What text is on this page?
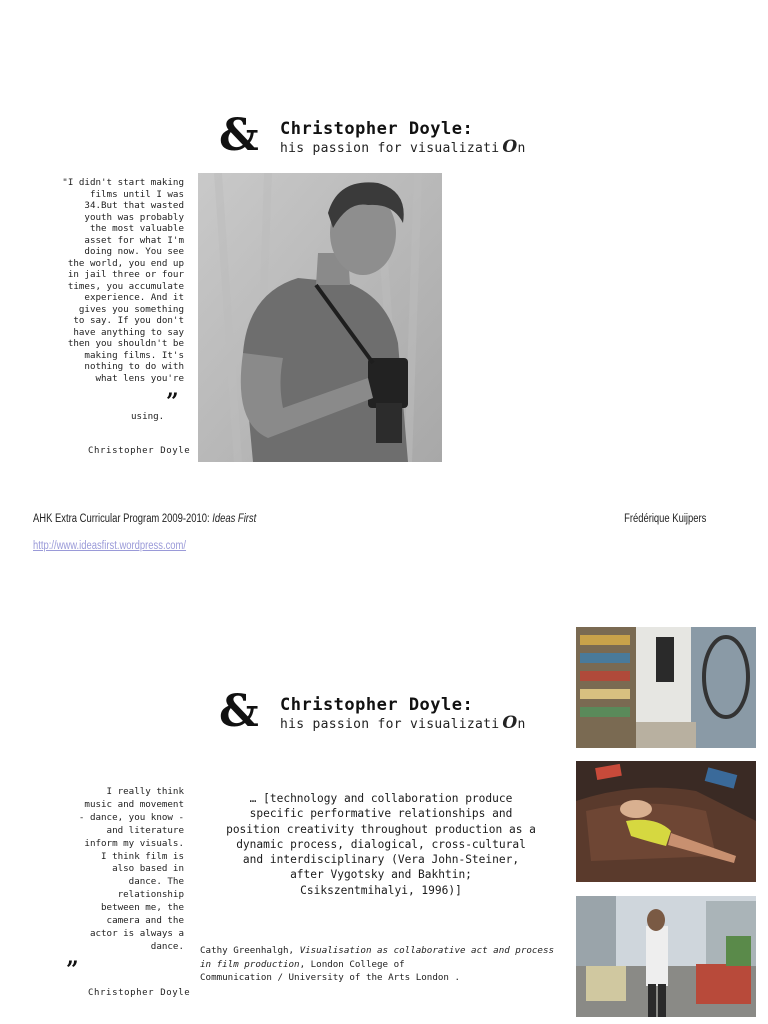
& Christopher Doyle:
his passion for visualizati On
"I didn't start making
films until I was
34.But that wasted
youth was probably
the most valuable
asset for what I'm
doing now. You see
the world, you end up
in jail three or four
times, you accumulate
experience. And it
gives you something
to say. If you don't
have anything to say
then you shouldn't be
making films. It's
nothing to do with
what lens you're
”
using.
Christopher Doyle
AHK Extra Curricular Program 2009-2010: Ideas First	Frédérique Kuijpers
http://www.ideasfirst.wordpress.com/
& Christopher Doyle:
his passion for visualizati On
I really think
music and movement
- dance, you know -
and literature
inform my visuals.
I think film is
also based in
dance. The
relationship
between me, the
camera and the
actor is always a
dance.
”
Christopher Doyle
… [technology and collaboration produce
specific performative relationships and
position creativity throughout production as a
dynamic process, dialogical, cross-cultural
and interdisciplinary (Vera John-Steiner,
after Vygotsky and Bakhtin;
Csikszentmihalyi, 1996)]
Cathy Greenhalgh, Visualisation as collaborative act and process in film production, London College of
Communication / University of the Arts London .
